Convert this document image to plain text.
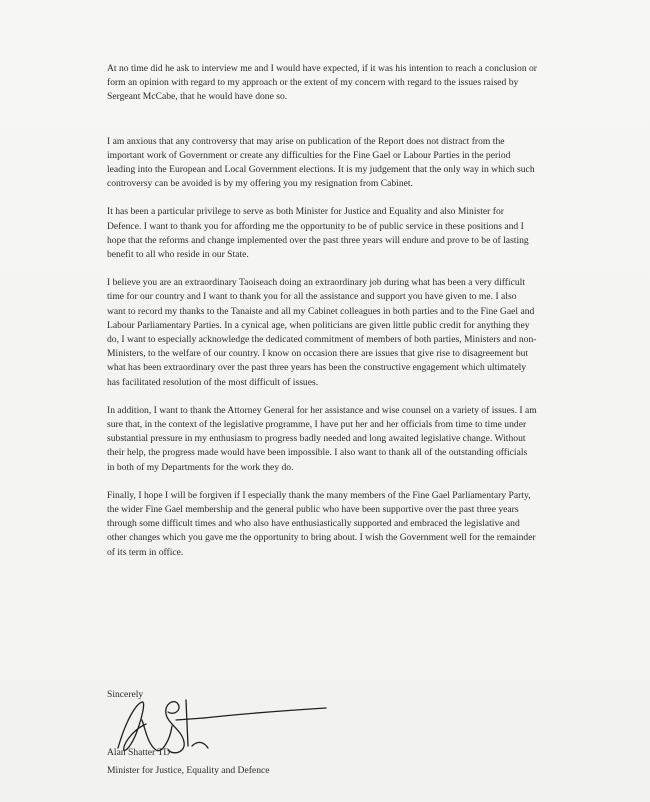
At no time did he ask to interview me and I would have expected, if it was his intention to reach a conclusion or form an opinion with regard to my approach or the extent of my concern with regard to the issues raised by Sergeant McCabe, that he would have done so.

I am anxious that any controversy that may arise on publication of the Report does not distract from the important work of Government or create any difficulties for the Fine Gael or Labour Parties in the period leading into the European and Local Government elections. It is my judgement that the only way in which such controversy can be avoided is by my offering you my resignation from Cabinet.

It has been a particular privilege to serve as both Minister for Justice and Equality and also Minister for Defence. I want to thank you for affording me the opportunity to be of public service in these positions and I hope that the reforms and change implemented over the past three years will endure and prove to be of lasting benefit to all who reside in our State.

I believe you are an extraordinary Taoiseach doing an extraordinary job during what has been a very difficult time for our country and I want to thank you for all the assistance and support you have given to me. I also want to record my thanks to the Tanaiste and all my Cabinet colleagues in both parties and to the Fine Gael and Labour Parliamentary Parties. In a cynical age, when politicians are given little public credit for anything they do, I want to especially acknowledge the dedicated commitment of members of both parties, Ministers and non-Ministers, to the welfare of our country. I know on occasion there are issues that give rise to disagreement but what has been extraordinary over the past three years has been the constructive engagement which ultimately has facilitated resolution of the most difficult of issues.

In addition, I want to thank the Attorney General for her assistance and wise counsel on a variety of issues. I am sure that, in the context of the legislative programme, I have put her and her officials from time to time under substantial pressure in my enthusiasm to progress badly needed and long awaited legislative change. Without their help, the progress made would have been impossible. I also want to thank all of the outstanding officials in both of my Departments for the work they do.

Finally, I hope I will be forgiven if I especially thank the many members of the Fine Gael Parliamentary Party, the wider Fine Gael membership and the general public who have been supportive over the past three years through some difficult times and who also have enthusiastically supported and embraced the legislative and other changes which you gave me the opportunity to bring about. I wish the Government well for the remainder of its term in office.

Sincerely
Alan Shatter TD
Minister for Justice, Equality and Defence
